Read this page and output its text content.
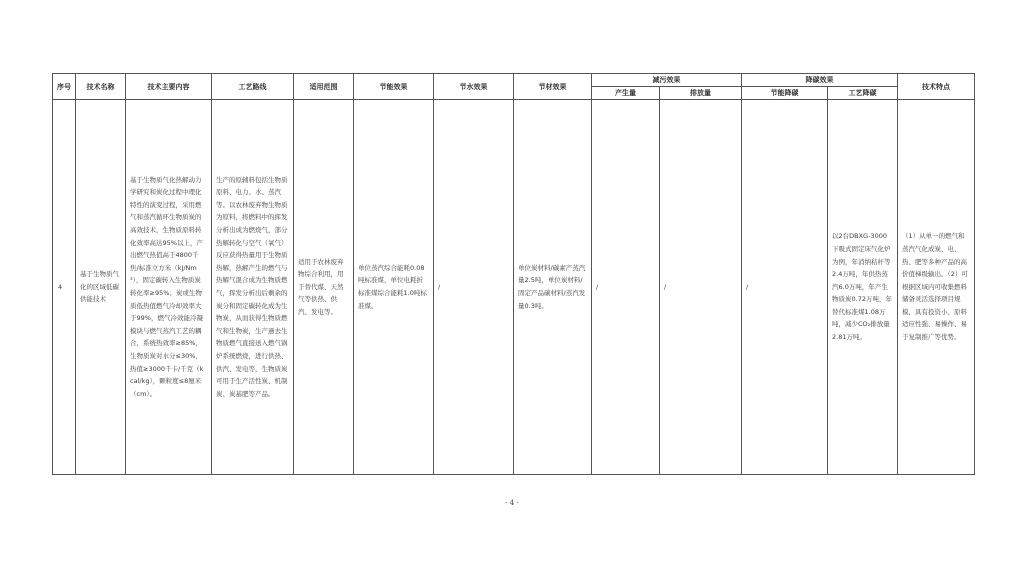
序号	技术名称	技术主要内容	工艺路线	适用范围	节能效果	节水效果	节材效果	减污效果		降碳效果		技术特点
								产生量	排放量	节能降碳	工艺降碳	
4	基于生物质气化的区域低碳供能技术	基于生物质气化热解动力学研究和炭化过程中理化特性的演变过程，采用燃气和蒸汽循环生物质炭的高效技术，生物质原料转化效率高达95%以上，产出燃气热值高于4800千焦/标准立方米（kJ/Nm³），固定碳转入生物质炭转化率≥95%；炭或生物质低热值燃气冷却效率大于99%，燃气冷效能冷凝模块与燃气蒸汽工艺的耦合，系统热效率≥85%，生物质炭对水分≤30%，热值≥3000千卡/千克（kcal/kg），颗粒度≤8厘米（cm）。	生产的原辅料包括生物质原料、电力、水、蒸汽等。以农林废弃物生物质为原料，将燃料中的挥发分析出成为燃烧气，部分热解转化与空气（氧气）反应获得热量用于生物质热解，热解产生的燃气与热解气混合成为生物质燃气，挥发分析出后剩余的炭分和固定碳转化成为生物炭，从而获得生物质燃气和生物炭，生产過去生物质燃气直接送入燃气锅炉系统燃烧，进行供热、供汽、发电等，生物质炭可用于生产活性炭、机制炭、炭基肥等产品。	适用于农林废弃物综合利用，用于替代煤、天然气等供热、供汽、发电等。	单位蒸汽综合能耗0.08吨标准煤，单位电耗折标准煤综合能耗1.0吨标准煤。	/	单位炭材料/碳素产蒸汽量2.5吨，单位炭材料/固定产品碳材料/蒸汽发量0.3吨。	/	/	/	以2台DBXG-3000下吸式固定床气化炉为例，年消纳秸秆等2.4万吨，年供热蒸汽6.0万吨，年产生物质炭0.72万吨，年替代标准煤1.08万吨，减少CO₂排放量2.81万吨。	（1）从单一的燃气和蒸汽气化成炭、电、热、肥等多种产品的高价值梯级输出。（2）可根据区域内可收集燃料储备灵活选择项目规模，具有投资小、原料适应性强、易操作、易于复制推广等优势。
- 4 -
